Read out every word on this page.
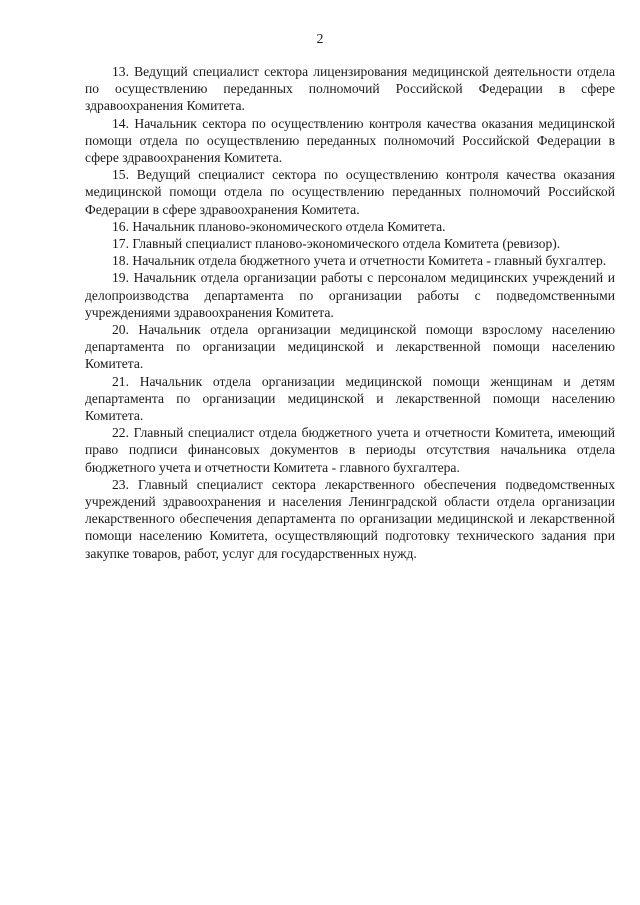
2

13. Ведущий специалист сектора лицензирования медицинской деятельности отдела по осуществлению переданных полномочий Российской Федерации в сфере здравоохранения Комитета.

14. Начальник сектора по осуществлению контроля качества оказания медицинской помощи отдела по осуществлению переданных полномочий Российской Федерации в сфере здравоохранения Комитета.

15. Ведущий специалист сектора по осуществлению контроля качества оказания медицинской помощи отдела по осуществлению переданных полномочий Российской Федерации в сфере здравоохранения Комитета.

16. Начальник планово-экономического отдела Комитета.

17. Главный специалист планово-экономического отдела Комитета (ревизор).

18. Начальник отдела бюджетного учета и отчетности Комитета - главный бухгалтер.

19. Начальник отдела организации работы с персоналом медицинских учреждений и делопроизводства департамента по организации работы с подведомственными учреждениями здравоохранения Комитета.

20. Начальник отдела организации медицинской помощи взрослому населению департамента по организации медицинской и лекарственной помощи населению Комитета.

21. Начальник отдела организации медицинской помощи женщинам и детям департамента по организации медицинской и лекарственной помощи населению Комитета.

22. Главный специалист отдела бюджетного учета и отчетности Комитета, имеющий право подписи финансовых документов в периоды отсутствия начальника отдела бюджетного учета и отчетности Комитета - главного бухгалтера.

23. Главный специалист сектора лекарственного обеспечения подведомственных учреждений здравоохранения и населения Ленинградской области отдела организации лекарственного обеспечения департамента по организации медицинской и лекарственной помощи населению Комитета, осуществляющий подготовку технического задания при закупке товаров, работ, услуг для государственных нужд.
